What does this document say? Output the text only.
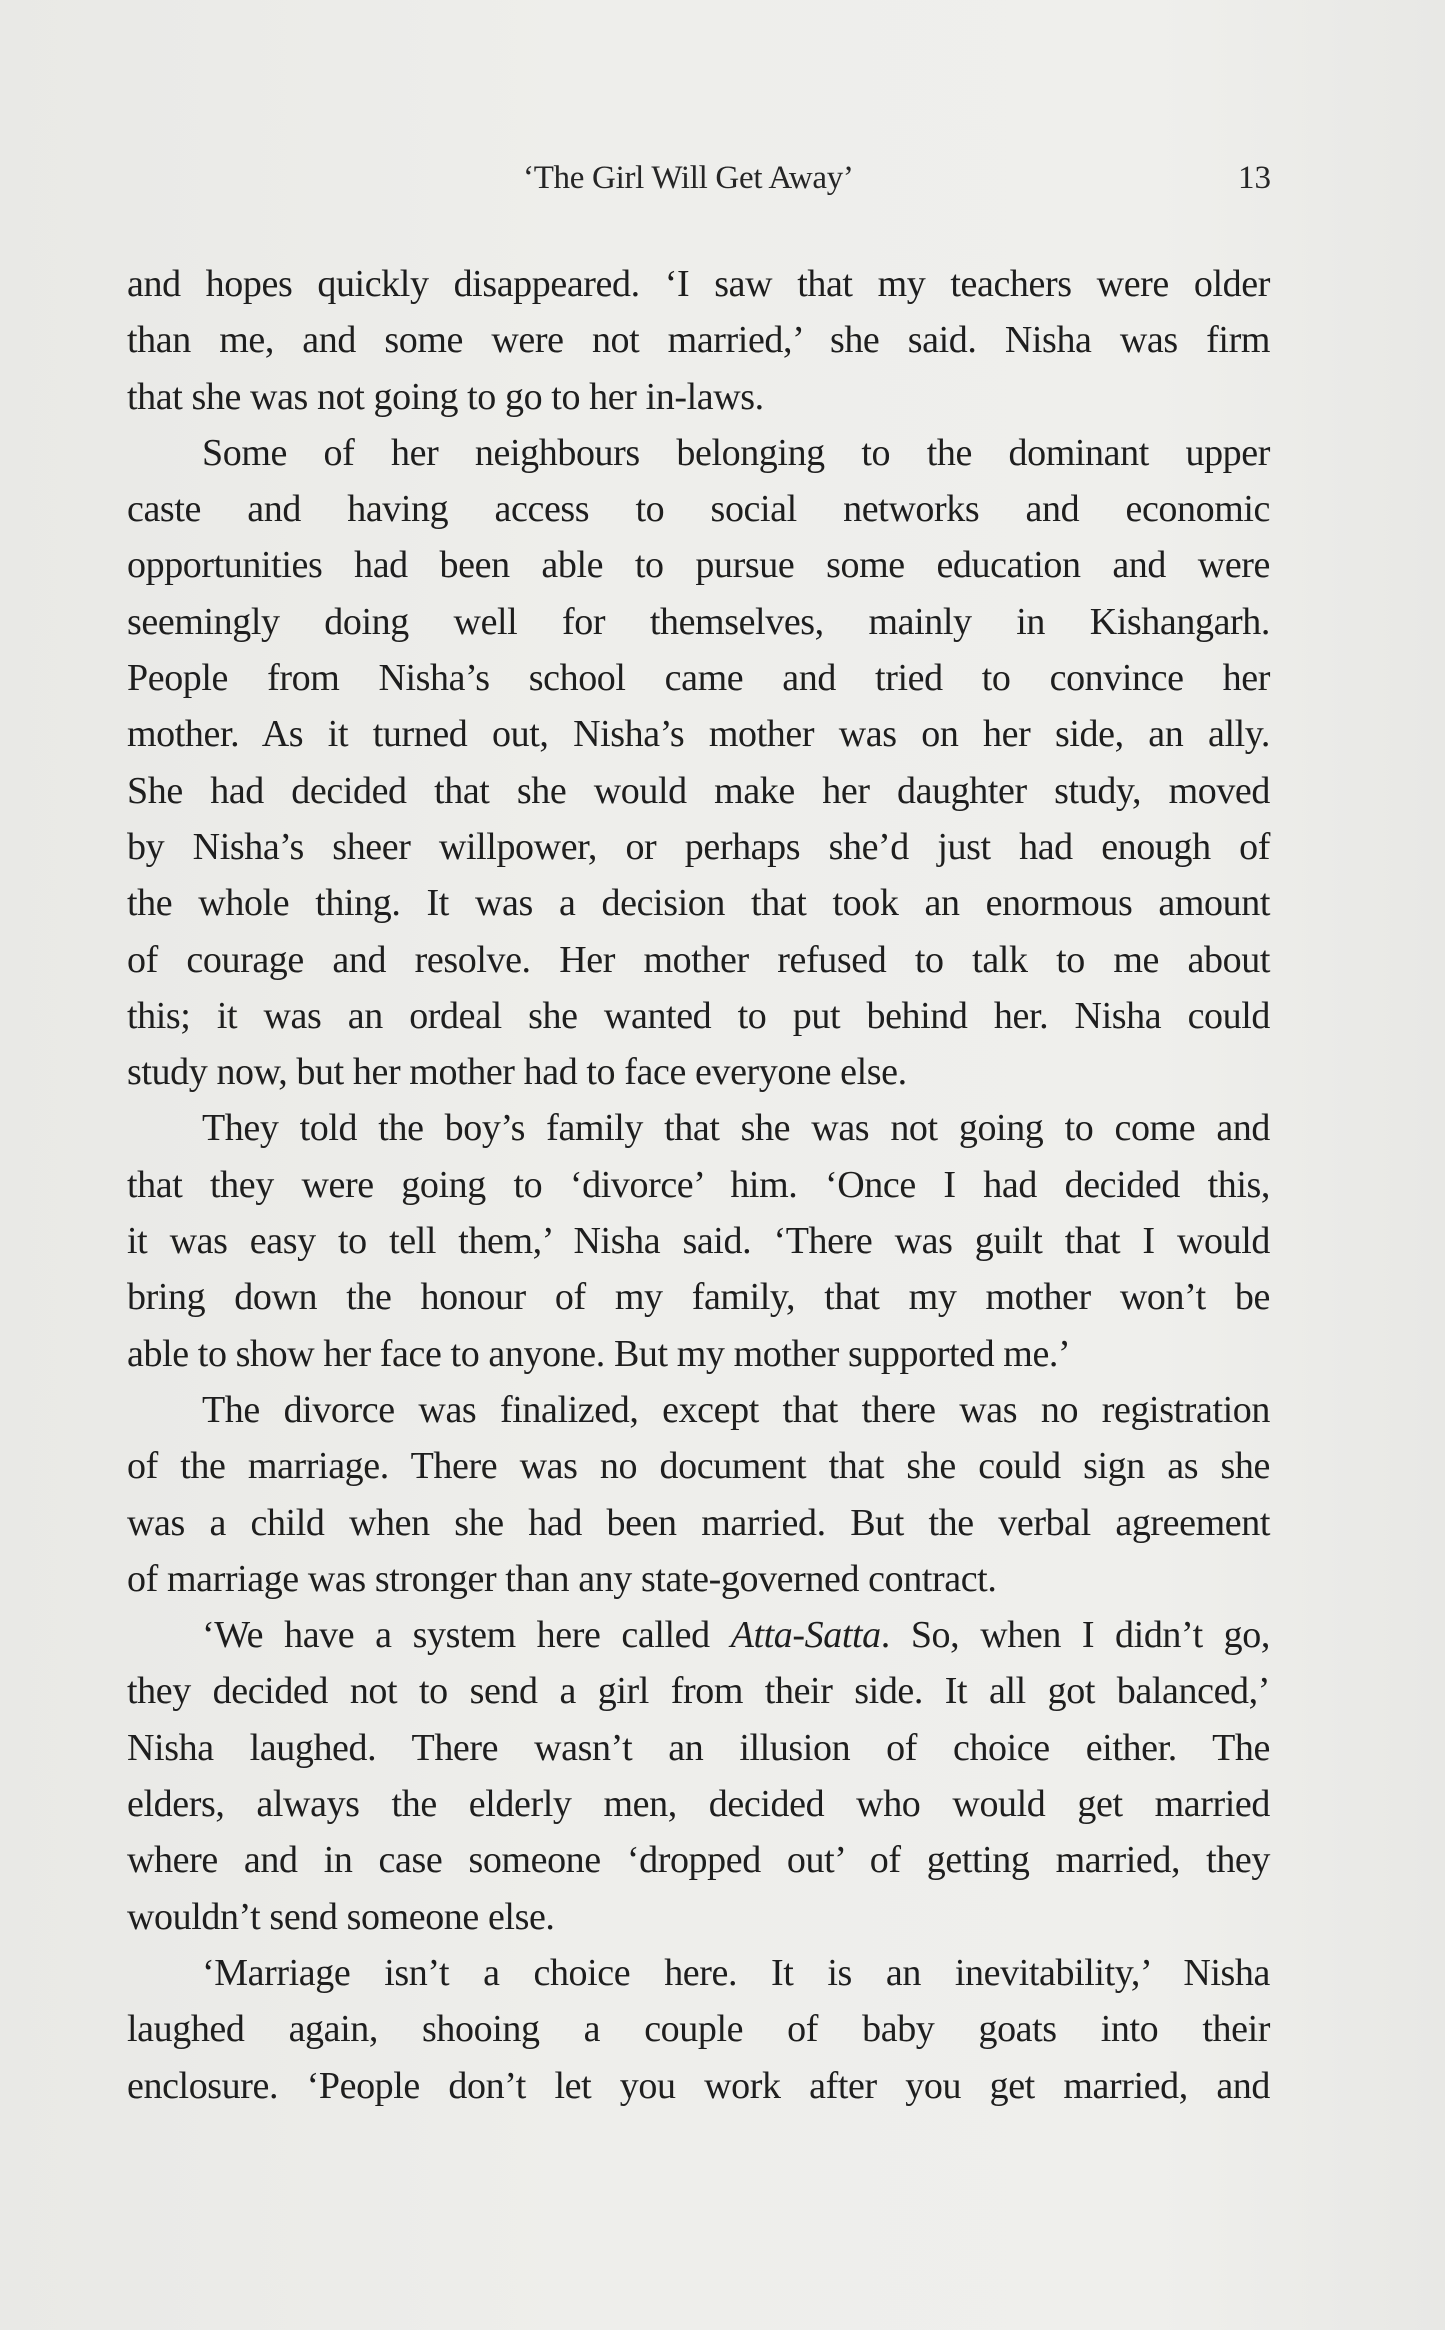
‘The Girl Will Get Away’	13
and hopes quickly disappeared. ‘I saw that my teachers were older
than me, and some were not married,’ she said. Nisha was firm
that she was not going to go to her in-laws.
Some of her neighbours belonging to the dominant upper
caste and having access to social networks and economic
opportunities had been able to pursue some education and were
seemingly doing well for themselves, mainly in Kishangarh.
People from Nisha’s school came and tried to convince her
mother. As it turned out, Nisha’s mother was on her side, an ally.
She had decided that she would make her daughter study, moved
by Nisha’s sheer willpower, or perhaps she’d just had enough of
the whole thing. It was a decision that took an enormous amount
of courage and resolve. Her mother refused to talk to me about
this; it was an ordeal she wanted to put behind her. Nisha could
study now, but her mother had to face everyone else.
They told the boy’s family that she was not going to come and
that they were going to ‘divorce’ him. ‘Once I had decided this,
it was easy to tell them,’ Nisha said. ‘There was guilt that I would
bring down the honour of my family, that my mother won’t be
able to show her face to anyone. But my mother supported me.’
The divorce was finalized, except that there was no registration
of the marriage. There was no document that she could sign as she
was a child when she had been married. But the verbal agreement
of marriage was stronger than any state-governed contract.
‘We have a system here called Atta-Satta. So, when I didn’t go,
they decided not to send a girl from their side. It all got balanced,’
Nisha laughed. There wasn’t an illusion of choice either. The
elders, always the elderly men, decided who would get married
where and in case someone ‘dropped out’ of getting married, they
wouldn’t send someone else.
‘Marriage isn’t a choice here. It is an inevitability,’ Nisha
laughed again, shooing a couple of baby goats into their
enclosure. ‘People don’t let you work after you get married, and
